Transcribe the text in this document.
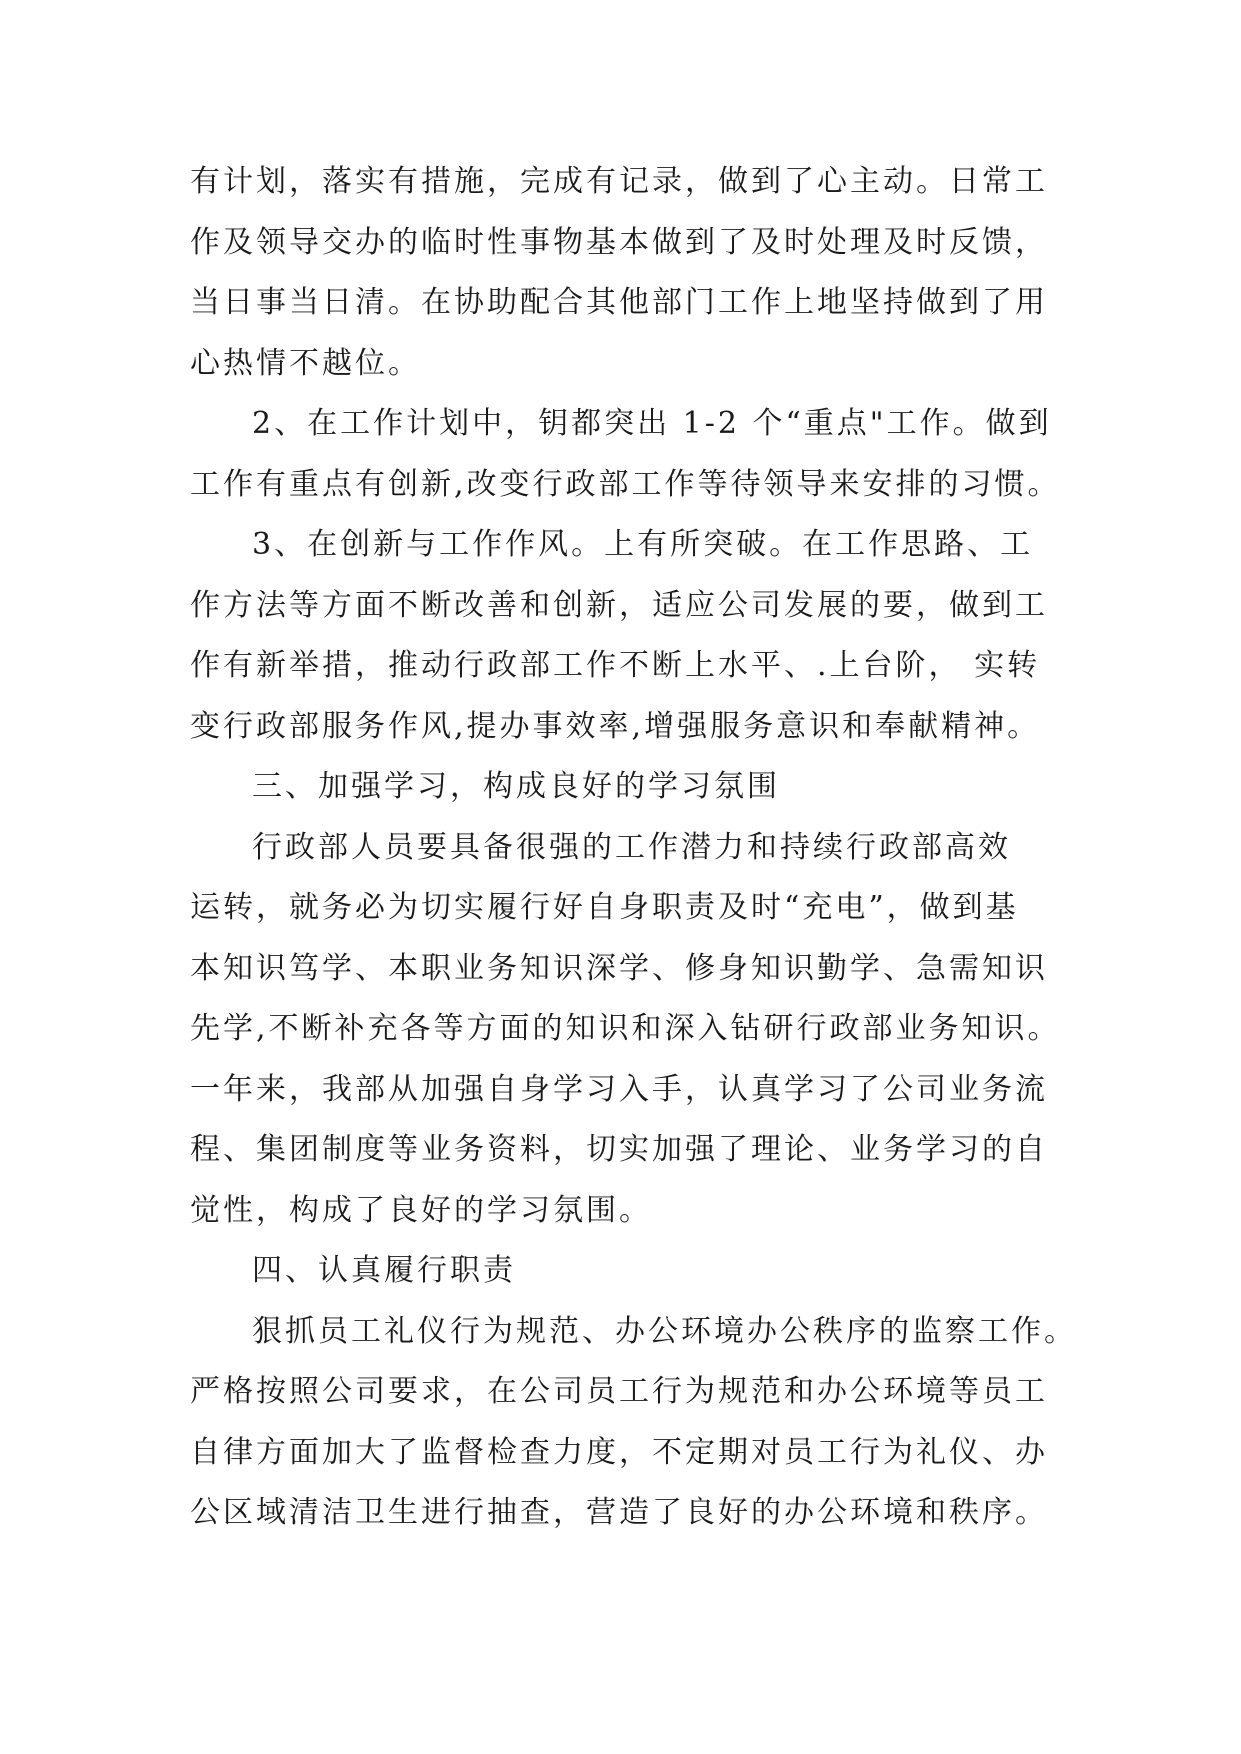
有计划，落实有措施，完成有记录，做到了心主动。日常工
作及领导交办的临时性事物基本做到了及时处理及时反馈，
当日事当日清。在协助配合其他部门工作上地坚持做到了用
心热情不越位。
2、在工作计划中，钥都突出 1-2 个“重点"工作。做到
工作有重点有创新,改变行政部工作等待领导来安排的习惯。
3、在创新与工作作风。上有所突破。在工作思路、工
作方法等方面不断改善和创新，适应公司发展的要，做到工
作有新举措，推动行政部工作不断上水平、.上台阶， 实转
变行政部服务作风,提办事效率,增强服务意识和奉献精神。
三、加强学习，构成良好的学习氛围
行政部人员要具备很强的工作潜力和持续行政部高效
运转，就务必为切实履行好自身职责及时“充电”，做到基
本知识笃学、本职业务知识深学、修身知识勤学、急需知识
先学,不断补充各等方面的知识和深入钻研行政部业务知识。
一年来，我部从加强自身学习入手，认真学习了公司业务流
程、集团制度等业务资料，切实加强了理论、业务学习的自
觉性，构成了良好的学习氛围。
四、认真履行职责
狠抓员工礼仪行为规范、办公环境办公秩序的监察工作。
严格按照公司要求，在公司员工行为规范和办公环境等员工
自律方面加大了监督检查力度，不定期对员工行为礼仪、办
公区域清洁卫生进行抽查，营造了良好的办公环境和秩序。
